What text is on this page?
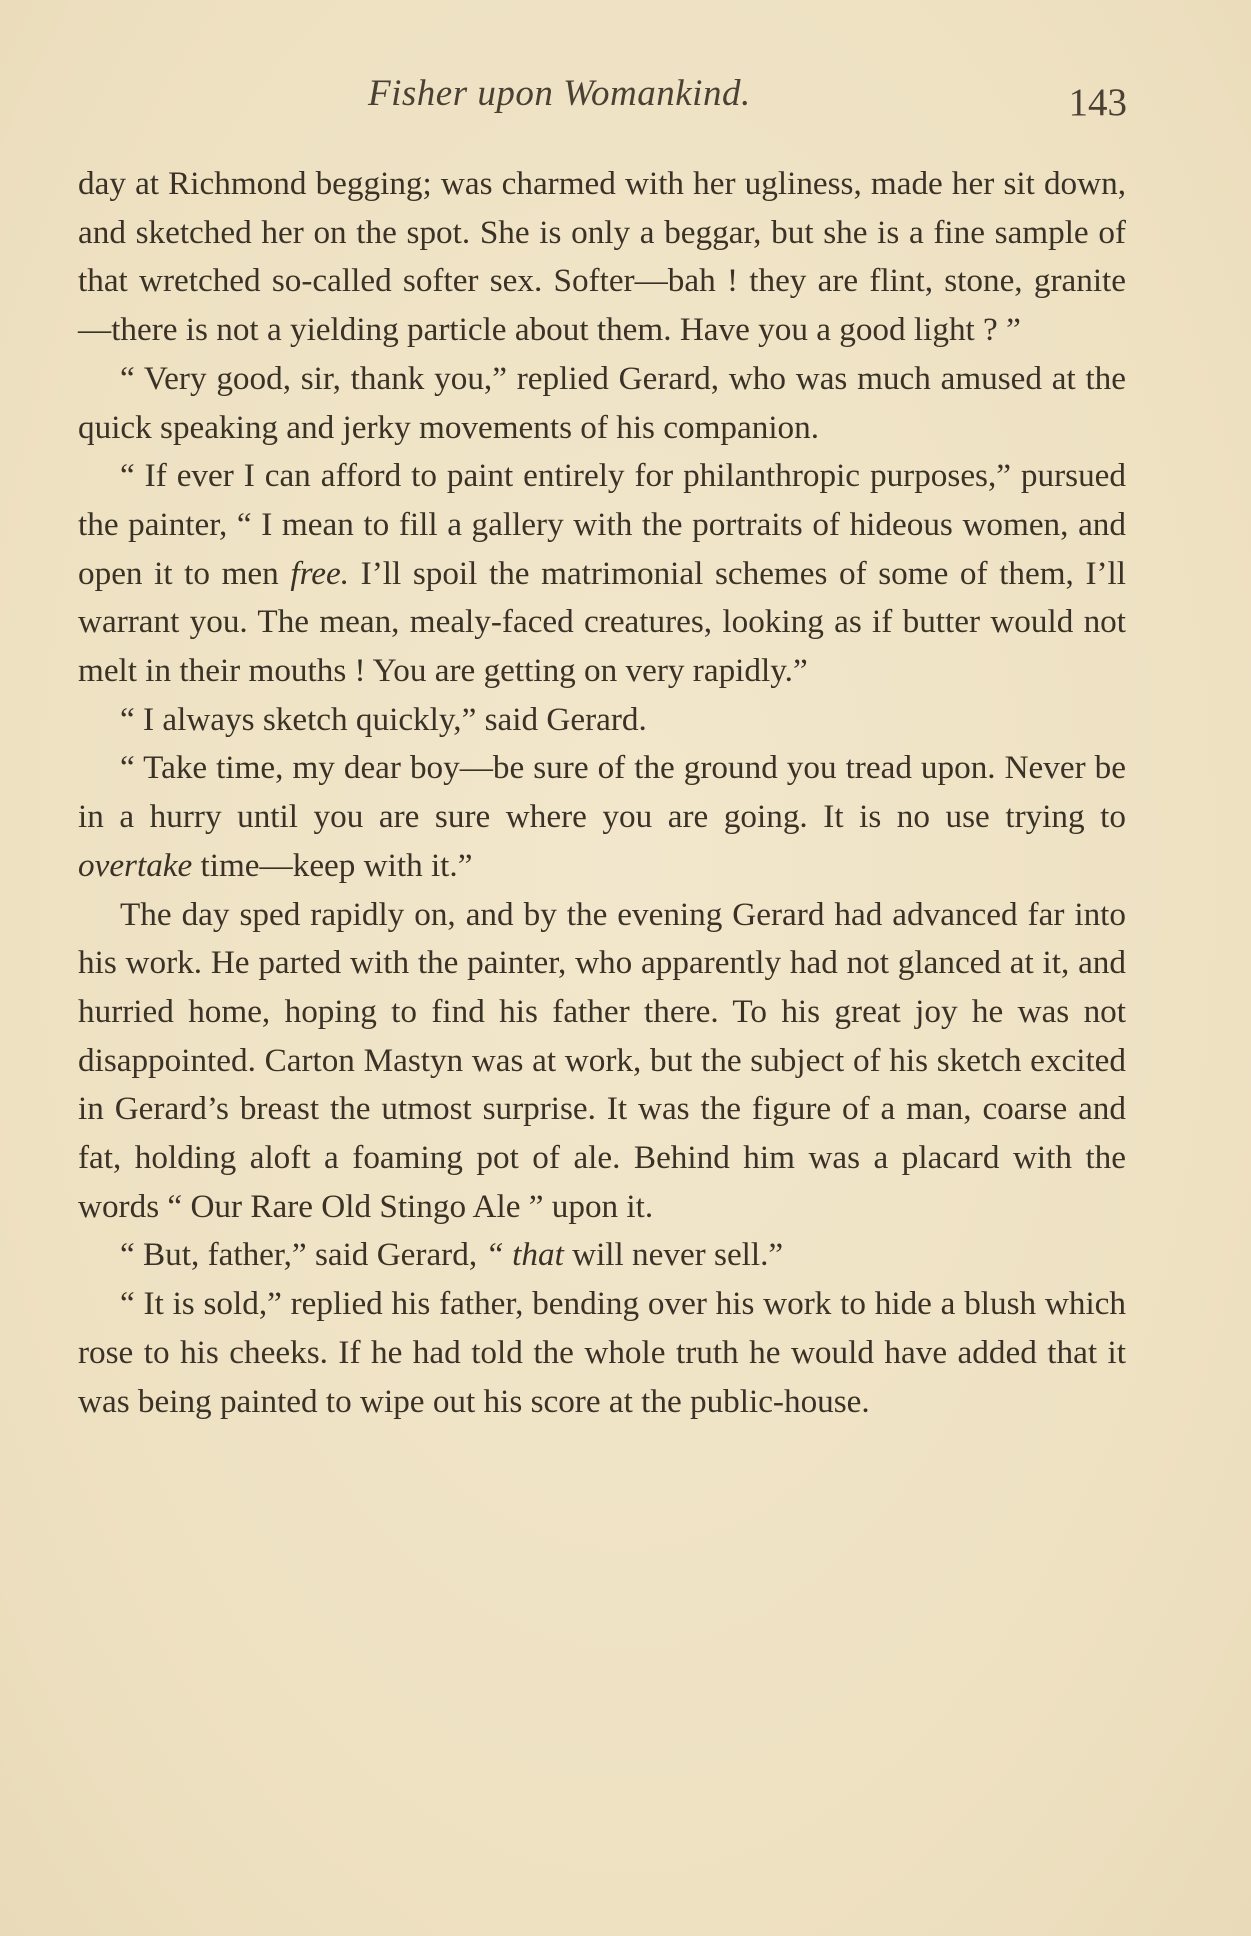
Fisher upon Womankind.	143

day at Richmond begging; was charmed with her ugliness, made her sit down, and sketched her on the spot. She is only a beggar, but she is a fine sample of that wretched so-called softer sex. Softer—bah ! they are flint, stone, granite—there is not a yielding particle about them. Have you a good light ? ”

“ Very good, sir, thank you,” replied Gerard, who was much amused at the quick speaking and jerky movements of his companion.

“ If ever I can afford to paint entirely for philanthropic purposes,” pursued the painter, “ I mean to fill a gallery with the portraits of hideous women, and open it to men free. I’ll spoil the matrimonial schemes of some of them, I’ll warrant you. The mean, mealy-faced creatures, looking as if butter would not melt in their mouths ! You are getting on very rapidly.”

“ I always sketch quickly,” said Gerard.

“ Take time, my dear boy—be sure of the ground you tread upon. Never be in a hurry until you are sure where you are going. It is no use trying to overtake time—keep with it.”

The day sped rapidly on, and by the evening Gerard had advanced far into his work. He parted with the painter, who apparently had not glanced at it, and hurried home, hoping to find his father there. To his great joy he was not disappointed. Carton Mastyn was at work, but the subject of his sketch excited in Gerard’s breast the utmost surprise. It was the figure of a man, coarse and fat, holding aloft a foaming pot of ale. Behind him was a placard with the words “ Our Rare Old Stingo Ale ” upon it.

“ But, father,” said Gerard, “ that will never sell.”

“ It is sold,” replied his father, bending over his work to hide a blush which rose to his cheeks. If he had told the whole truth he would have added that it was being painted to wipe out his score at the public-house.
